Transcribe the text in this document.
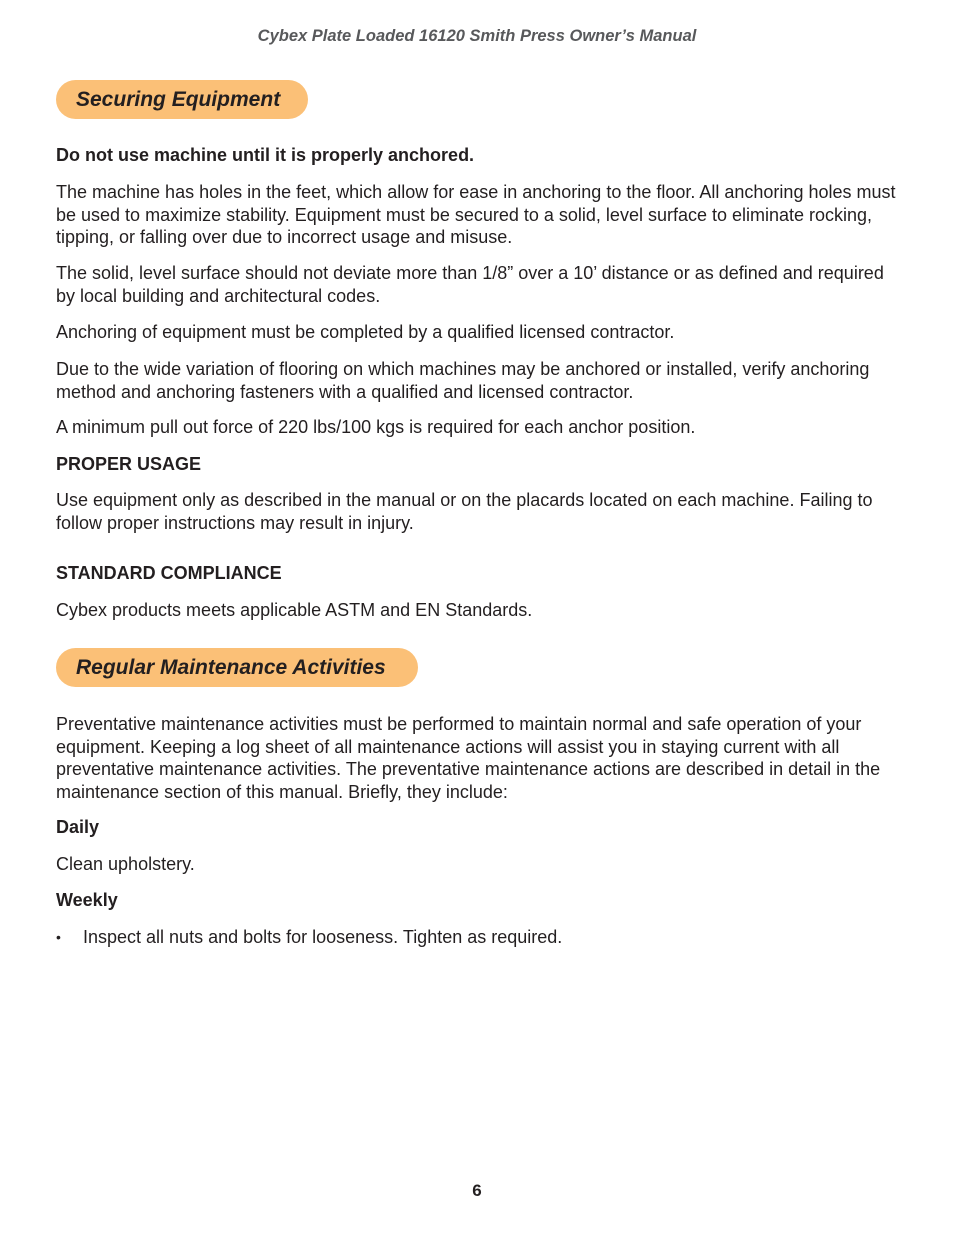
Cybex Plate Loaded 16120 Smith Press Owner’s Manual

Securing Equipment

Do not use machine until it is properly anchored.

The machine has holes in the feet, which allow for ease in anchoring to the floor. All anchoring holes must be used to maximize stability. Equipment must be secured to a solid, level surface to eliminate rocking, tipping, or falling over due to incorrect usage and misuse.

The solid, level surface should not deviate more than 1/8” over a 10’ distance or as defined and required by local building and architectural codes.

Anchoring of equipment must be completed by a qualified licensed contractor.

Due to the wide variation of flooring on which machines may be anchored or installed, verify anchoring method and anchoring fasteners with a qualified and licensed contractor.

A minimum pull out force of 220 lbs/100 kgs is required for each anchor position.

PROPER USAGE

Use equipment only as described in the manual or on the placards located on each machine. Failing to follow proper instructions may result in injury.

STANDARD COMPLIANCE

Cybex products meets applicable ASTM and EN Standards.

Regular Maintenance Activities

Preventative maintenance activities must be performed to maintain normal and safe operation of your equipment. Keeping a log sheet of all maintenance actions will assist you in staying current with all preventative maintenance activities. The preventative maintenance actions are described in detail in the maintenance section of this manual. Briefly, they include:

Daily

Clean upholstery.

Weekly
• Inspect all nuts and bolts for looseness. Tighten as required.

6
